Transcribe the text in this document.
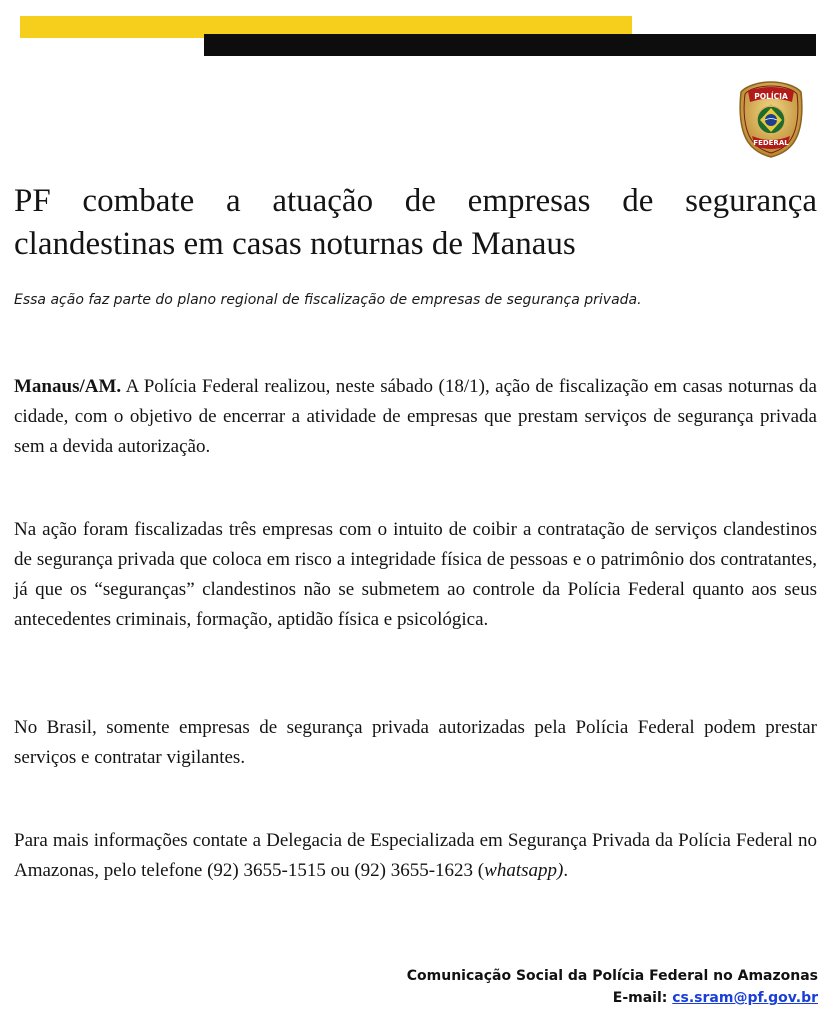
POLÍCIA
FEDERAL
PF combate a atuação de empresas de segurança clandestinas em casas noturnas de Manaus

Essa ação faz parte do plano regional de fiscalização de empresas de segurança privada.

Manaus/AM. A Polícia Federal realizou, neste sábado (18/1), ação de fiscalização em casas noturnas da cidade, com o objetivo de encerrar a atividade de empresas que prestam serviços de segurança privada sem a devida autorização.

Na ação foram fiscalizadas três empresas com o intuito de coibir a contratação de serviços clandestinos de segurança privada que coloca em risco a integridade física de pessoas e o patrimônio dos contratantes, já que os “seguranças” clandestinos não se submetem ao controle da Polícia Federal quanto aos seus antecedentes criminais, formação, aptidão física e psicológica.

No Brasil, somente empresas de segurança privada autorizadas pela Polícia Federal podem prestar serviços e contratar vigilantes.

Para mais informações contate a Delegacia de Especializada em Segurança Privada da Polícia Federal no Amazonas, pelo telefone (92) 3655-1515 ou (92) 3655-1623 (whatsapp).

Comunicação Social da Polícia Federal no Amazonas
E-mail: cs.sram@pf.gov.br
